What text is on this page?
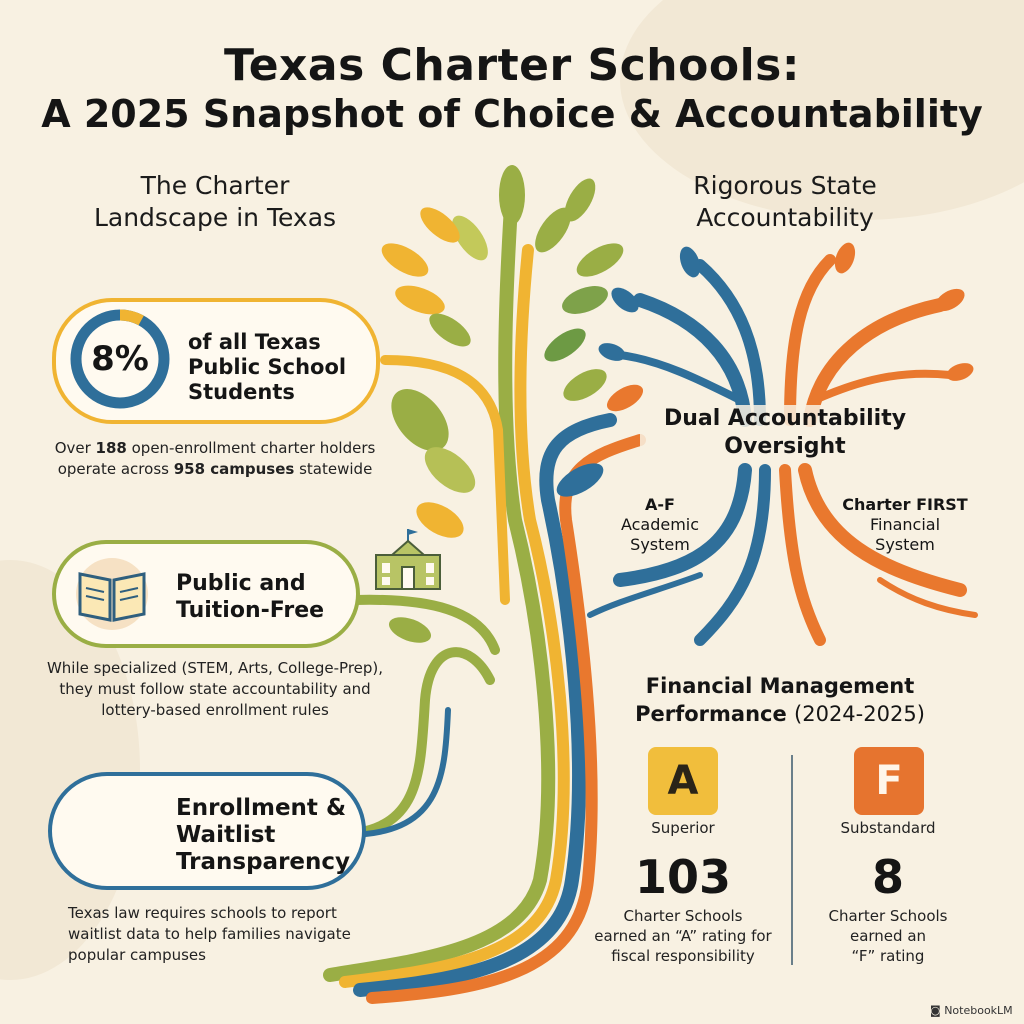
Texas Charter Schools:
A 2025 Snapshot of Choice & Accountability
The Charter
Landscape in Texas
8%	of all Texas
Public School
Students
Over 188 open-enrollment charter holders
operate across 958 campuses statewide
Public and
Tuition-Free
While specialized (STEM, Arts, College-Prep),
they must follow state accountability and
lottery-based enrollment rules
Enrollment &
Waitlist
Transparency
Texas law requires schools to report
waitlist data to help families navigate
popular campuses
Rigorous State
Accountability
Dual Accountability
Oversight
A-F
Academic
System
Charter FIRST
Financial
System
Financial Management
Performance (2024-2025)
A
Superior
103
Charter Schools
earned an “A” rating for
fiscal responsibility
F
Substandard
8
Charter Schools
earned an
“F” rating
◙ NotebookLM
